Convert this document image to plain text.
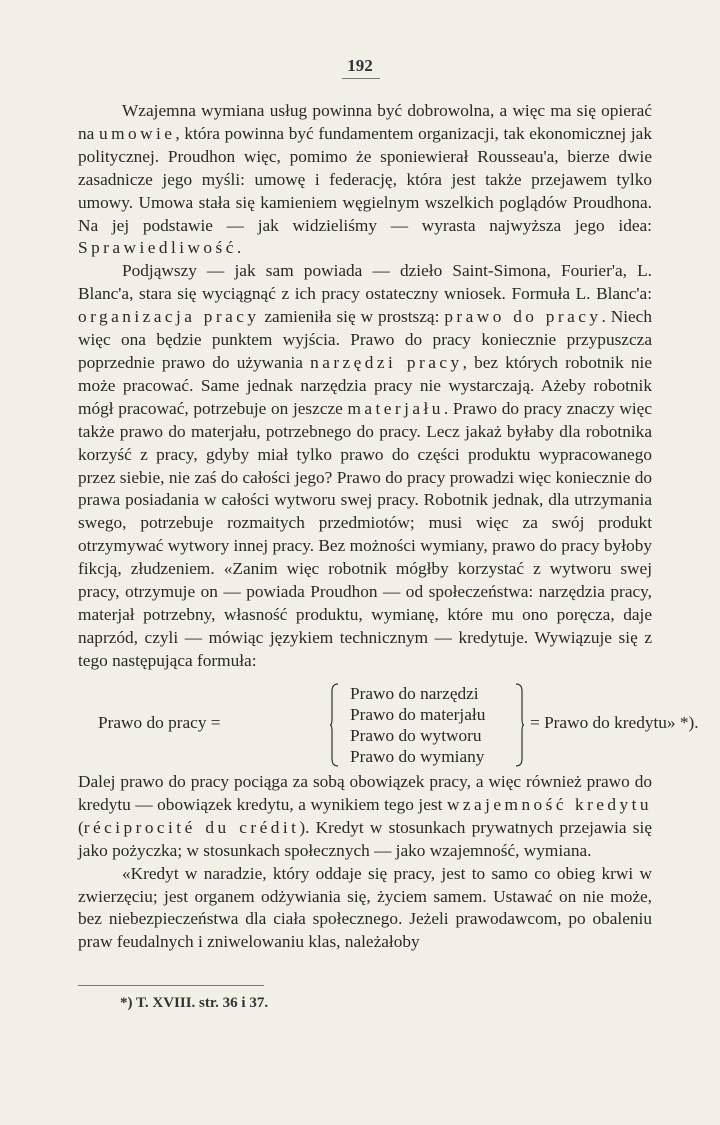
192

Wzajemna wymiana usług powinna być dobrowolna, a więc ma się opierać na umowie, która powinna być fundamentem organizacji, tak ekonomicznej jak politycznej. Proudhon więc, pomimo że sponiewierał Rousseau'a, bierze dwie zasadnicze jego myśli: umowę i federację, która jest także przejawem tylko umowy. Umowa stała się kamieniem węgielnym wszelkich poglądów Proudhona. Na jej podstawie — jak widzieliśmy — wyrasta najwyższa jego idea: Sprawiedliwość.

Podjąwszy — jak sam powiada — dzieło Saint-Simona, Fourier'a, L. Blanc'a, stara się wyciągnąć z ich pracy ostateczny wniosek. Formuła L. Blanc'a: organizacja pracy zamieniła się w prostszą: prawo do pracy. Niech więc ona będzie punktem wyjścia. Prawo do pracy koniecznie przypuszcza poprzednie prawo do używania narzędzi pracy, bez których robotnik nie może pracować. Same jednak narzędzia pracy nie wystarczają. Ażeby robotnik mógł pracować, potrzebuje on jeszcze materjału. Prawo do pracy znaczy więc także prawo do materjału, potrzebnego do pracy. Lecz jakaż byłaby dla robotnika korzyść z pracy, gdyby miał tylko prawo do części produktu wypracowanego przez siebie, nie zaś do całości jego? Prawo do pracy prowadzi więc koniecznie do prawa posiadania w całości wytworu swej pracy. Robotnik jednak, dla utrzymania swego, potrzebuje rozmaitych przedmiotów; musi więc za swój produkt otrzymywać wytwory innej pracy. Bez możności wymiany, prawo do pracy byłoby fikcją, złudzeniem. «Zanim więc robotnik mógłby korzystać z wytworu swej pracy, otrzymuje on — powiada Proudhon — od społeczeństwa: narzędzia pracy, materjał potrzebny, własność produktu, wymianę, które mu ono poręcza, daje naprzód, czyli — mówiąc językiem technicznym — kredytuje. Wywiązuje się z tego następująca formuła:

Prawo do pracy =
Prawo do narzędzi
Prawo do materjału
Prawo do wytworu
Prawo do wymiany
= Prawo do kredytu» *).

Dalej prawo do pracy pociąga za sobą obowiązek pracy, a więc również prawo do kredytu — obowiązek kredytu, a wynikiem tego jest wzajemność kredytu (réciprocité du crédit). Kredyt w stosunkach prywatnych przejawia się jako pożyczka; w stosunkach społecznych — jako wzajemność, wymiana.

«Kredyt w naradzie, który oddaje się pracy, jest to samo co obieg krwi w zwierzęciu; jest organem odżywiania się, życiem samem. Ustawać on nie może, bez niebezpieczeństwa dla ciała społecznego. Jeżeli prawodawcom, po obaleniu praw feudalnych i zniwelowaniu klas, należałoby

*) T. XVIII. str. 36 i 37.
